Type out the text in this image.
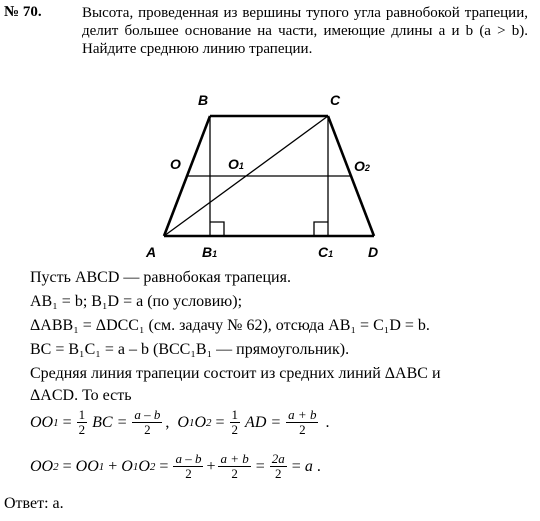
№ 70.	Высота, проведенная из вершины тупого угла равнобокой трапеции, делит большее основание на части, имеющие длины a и b (a > b). Найдите среднюю линию трапеции.
B	C
O	O1	O2
A	B1	C1 D
Пусть ABCD — равнобокая трапеция.
AB₁ = b; B₁D = a (по условию);
ΔABB₁ = ΔDCC₁ (см. задачу № 62), отсюда AB₁ = C₁D = b.
BC = B₁C₁ = a – b (BCC₁B₁ — прямоугольник).
Средняя линия трапеции состоит из средних линий ΔABC и
ΔACD. То есть
OO $1 = \frac{1}{2}$ BC = $\frac{a - b}{2}$ , O 1 O $2 = \frac{1}{2}$ AD = $\frac{a + b}{2}$ .
OO 2 = OO 1 + O 1 O $2 = \frac{a - b}{2} + \frac{a + b}{2} = \frac{2a}{2} = a$ .
Ответ: a.
